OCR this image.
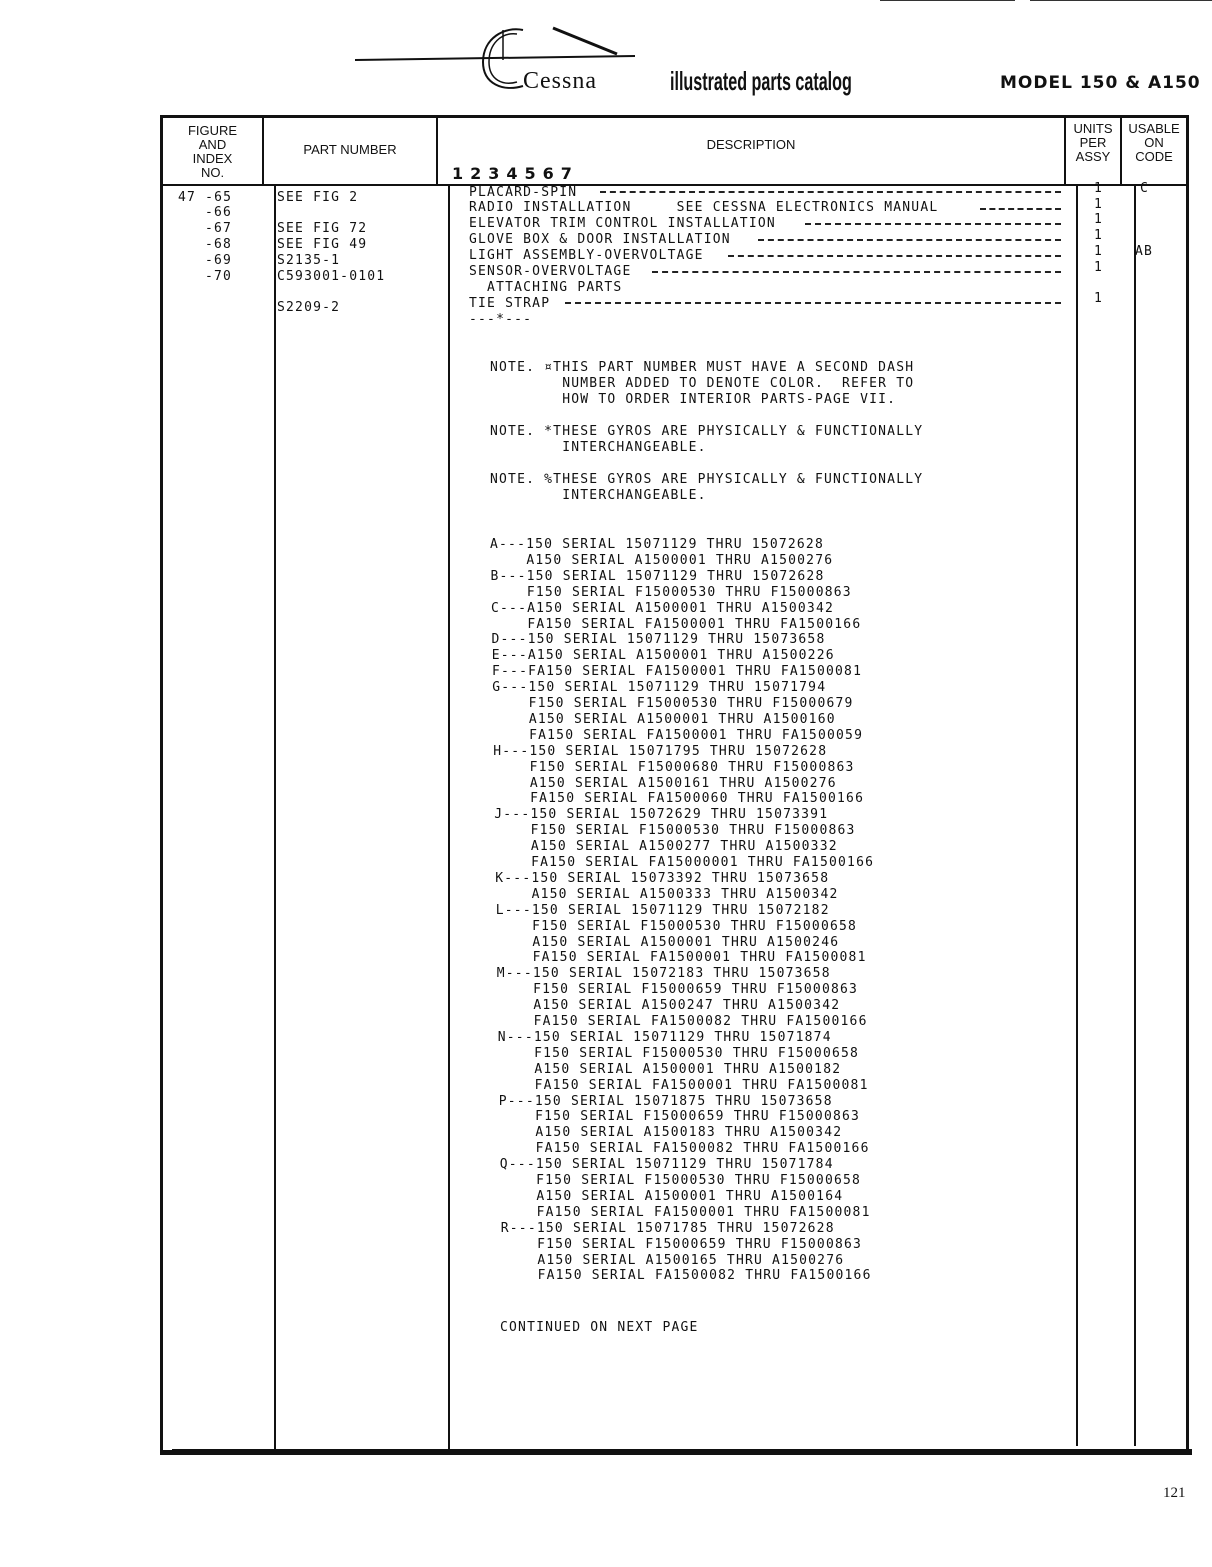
Cessna	illustrated parts catalog	MODEL 150 & A150
FIGURE
AND
INDEX
NO.
PART NUMBER	DESCRIPTION
1234567
UNITS
PER
ASSY
USABLE
ON
CODE
47 -65	SEE FIG 2	PLACARD-SPIN	1	C
-66	RADIO INSTALLATION     SEE CESSNA ELECTRONICS MANUAL	1
-67	SEE FIG 72	ELEVATOR TRIM CONTROL INSTALLATION	1
-68	SEE FIG 49	GLOVE BOX & DOOR INSTALLATION	1
-69	S2135-1	LIGHT ASSEMBLY-OVERVOLTAGE	1 AB
-70	C593001-0101	SENSOR-OVERVOLTAGE	1
ATTACHING PARTS
S2209-2	TIE STRAP	1
---*---
NOTE. ¤THIS PART NUMBER MUST HAVE A SECOND DASH
NUMBER ADDED TO DENOTE COLOR.  REFER TO
HOW TO ORDER INTERIOR PARTS-PAGE VII.
NOTE. *THESE GYROS ARE PHYSICALLY & FUNCTIONALLY
INTERCHANGEABLE.
NOTE. %THESE GYROS ARE PHYSICALLY & FUNCTIONALLY
INTERCHANGEABLE.
A---150 SERIAL 15071129 THRU 15072628
A150 SERIAL A1500001 THRU A1500276
B---150 SERIAL 15071129 THRU 15072628
F150 SERIAL F15000530 THRU F15000863
C---A150 SERIAL A1500001 THRU A1500342
FA150 SERIAL FA1500001 THRU FA1500166
D---150 SERIAL 15071129 THRU 15073658
E---A150 SERIAL A1500001 THRU A1500226
F---FA150 SERIAL FA1500001 THRU FA1500081
G---150 SERIAL 15071129 THRU 15071794
F150 SERIAL F15000530 THRU F15000679
A150 SERIAL A1500001 THRU A1500160
FA150 SERIAL FA1500001 THRU FA1500059
H---150 SERIAL 15071795 THRU 15072628
F150 SERIAL F15000680 THRU F15000863
A150 SERIAL A1500161 THRU A1500276
FA150 SERIAL FA1500060 THRU FA1500166
J---150 SERIAL 15072629 THRU 15073391
F150 SERIAL F15000530 THRU F15000863
A150 SERIAL A1500277 THRU A1500332
FA150 SERIAL FA15000001 THRU FA1500166
K---150 SERIAL 15073392 THRU 15073658
A150 SERIAL A1500333 THRU A1500342
L---150 SERIAL 15071129 THRU 15072182
F150 SERIAL F15000530 THRU F15000658
A150 SERIAL A1500001 THRU A1500246
FA150 SERIAL FA1500001 THRU FA1500081
M---150 SERIAL 15072183 THRU 15073658
F150 SERIAL F15000659 THRU F15000863
A150 SERIAL A1500247 THRU A1500342
FA150 SERIAL FA1500082 THRU FA1500166
N---150 SERIAL 15071129 THRU 15071874
F150 SERIAL F15000530 THRU F15000658
A150 SERIAL A1500001 THRU A1500182
FA150 SERIAL FA1500001 THRU FA1500081
P---150 SERIAL 15071875 THRU 15073658
F150 SERIAL F15000659 THRU F15000863
A150 SERIAL A1500183 THRU A1500342
FA150 SERIAL FA1500082 THRU FA1500166
Q---150 SERIAL 15071129 THRU 15071784
F150 SERIAL F15000530 THRU F15000658
A150 SERIAL A1500001 THRU A1500164
FA150 SERIAL FA1500001 THRU FA1500081
R---150 SERIAL 15071785 THRU 15072628
F150 SERIAL F15000659 THRU F15000863
A150 SERIAL A1500165 THRU A1500276
FA150 SERIAL FA1500082 THRU FA1500166
CONTINUED ON NEXT PAGE
121
